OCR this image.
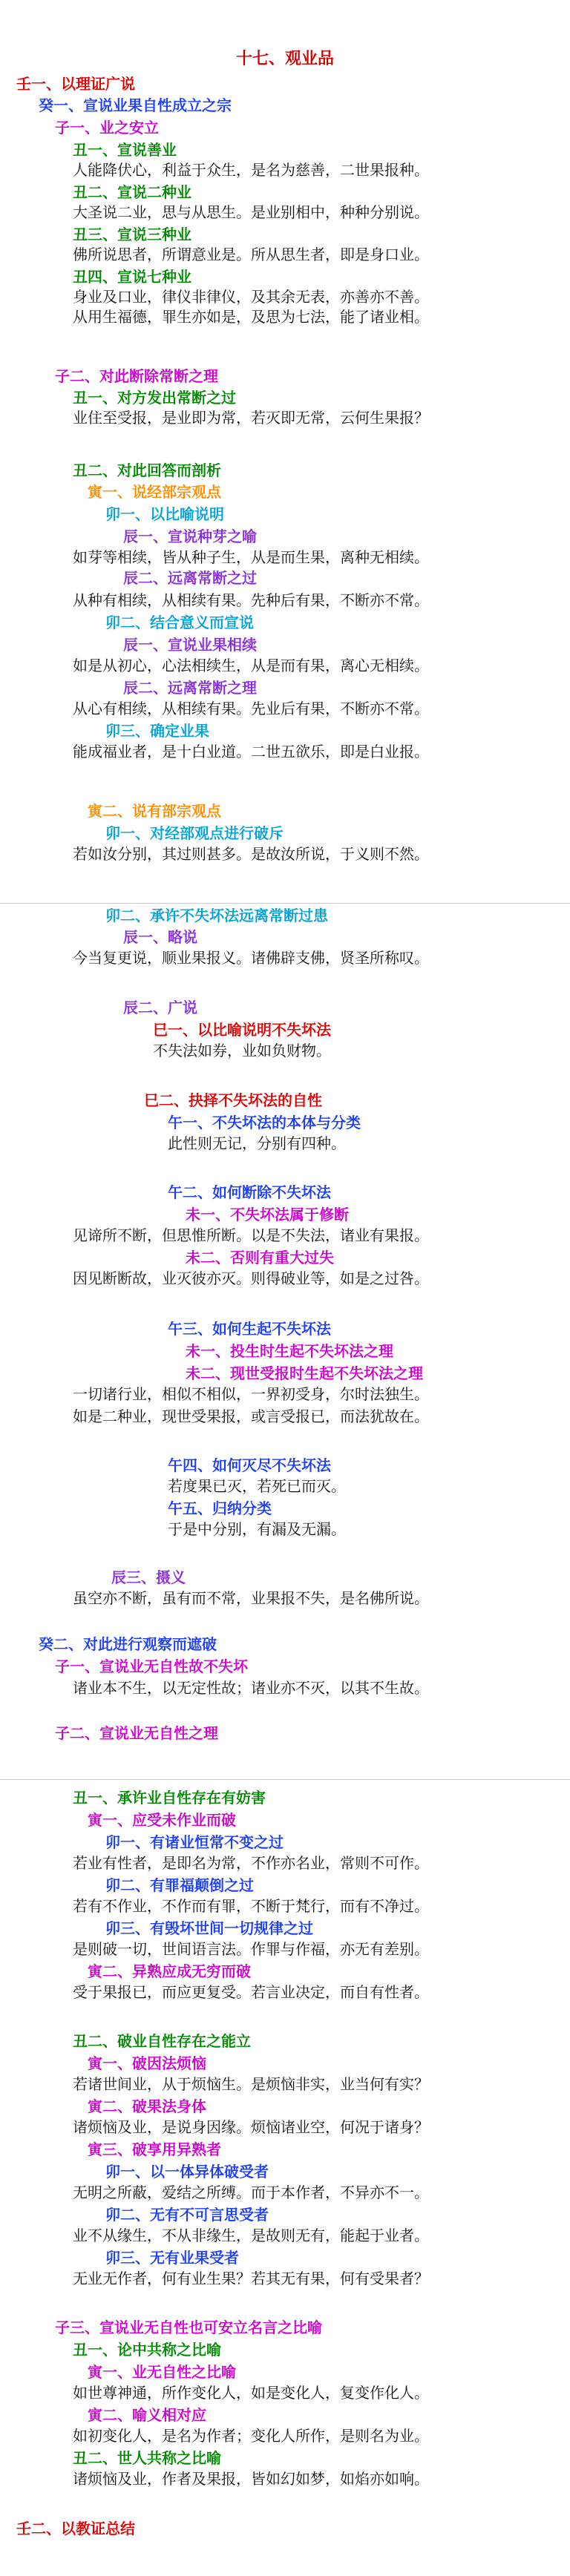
十七、观业品
壬一、以理证广说
癸一、宣说业果自性成立之宗
子一、业之安立
丑一、宣说善业
人能降伏心，利益于众生，是名为慈善，二世果报种。
丑二、宣说二种业
大圣说二业，思与从思生。是业别相中，种种分别说。
丑三、宣说三种业
佛所说思者，所谓意业是。所从思生者，即是身口业。
丑四、宣说七种业
身业及口业，律仪非律仪，及其余无表，亦善亦不善。
从用生福德，罪生亦如是，及思为七法，能了诸业相。
子二、对此断除常断之理
丑一、对方发出常断之过
业住至受报，是业即为常，若灭即无常，云何生果报？
丑二、对此回答而剖析
寅一、说经部宗观点
卯一、以比喻说明
辰一、宣说种芽之喻
如芽等相续，皆从种子生，从是而生果，离种无相续。
辰二、远离常断之过
从种有相续，从相续有果。先种后有果，不断亦不常。
卯二、结合意义而宣说
辰一、宣说业果相续
如是从初心，心法相续生，从是而有果，离心无相续。
辰二、远离常断之理
从心有相续，从相续有果。先业后有果，不断亦不常。
卯三、确定业果
能成福业者，是十白业道。二世五欲乐，即是白业报。
寅二、说有部宗观点
卯一、对经部观点进行破斥
若如汝分别，其过则甚多。是故汝所说，于义则不然。
卯二、承许不失坏法远离常断过患
辰一、略说
今当复更说，顺业果报义。诸佛辟支佛，贤圣所称叹。
辰二、广说
巳一、以比喻说明不失坏法
不失法如券，业如负财物。
巳二、抉择不失坏法的自性
午一、不失坏法的本体与分类
此性则无记，分别有四种。
午二、如何断除不失坏法
未一、不失坏法属于修断
见谛所不断，但思惟所断。以是不失法，诸业有果报。
未二、否则有重大过失
因见断断故，业灭彼亦灭。则得破业等，如是之过咎。
午三、如何生起不失坏法
未一、投生时生起不失坏法之理
未二、现世受报时生起不失坏法之理
一切诸行业，相似不相似，一界初受身，尔时法独生。
如是二种业，现世受果报，或言受报已，而法犹故在。
午四、如何灭尽不失坏法
若度果已灭，若死已而灭。
午五、归纳分类
于是中分别，有漏及无漏。
辰三、摄义
虽空亦不断，虽有而不常，业果报不失，是名佛所说。
癸二、对此进行观察而遮破
子一、宣说业无自性故不失坏
诸业本不生，以无定性故；诸业亦不灭，以其不生故。
子二、宣说业无自性之理
丑一、承许业自性存在有妨害
寅一、应受未作业而破
卯一、有诸业恒常不变之过
若业有性者，是即名为常，不作亦名业，常则不可作。
卯二、有罪福颠倒之过
若有不作业，不作而有罪，不断于梵行，而有不净过。
卯三、有毁坏世间一切规律之过
是则破一切，世间语言法。作罪与作福，亦无有差别。
寅二、异熟应成无穷而破
受于果报已，而应更复受。若言业决定，而自有性者。
丑二、破业自性存在之能立
寅一、破因法烦恼
若诸世间业，从于烦恼生。是烦恼非实，业当何有实？
寅二、破果法身体
诸烦恼及业，是说身因缘。烦恼诸业空，何况于诸身？
寅三、破享用异熟者
卯一、以一体异体破受者
无明之所蔽，爱结之所缚。而于本作者，不异亦不一。
卯二、无有不可言思受者
业不从缘生，不从非缘生，是故则无有，能起于业者。
卯三、无有业果受者
无业无作者，何有业生果？若其无有果，何有受果者？
子三、宣说业无自性也可安立名言之比喻
丑一、论中共称之比喻
寅一、业无自性之比喻
如世尊神通，所作变化人，如是变化人，复变作化人。
寅二、喻义相对应
如初变化人，是名为作者；变化人所作，是则名为业。
丑二、世人共称之比喻
诸烦恼及业，作者及果报，皆如幻如梦，如焰亦如响。
壬二、以教证总结
